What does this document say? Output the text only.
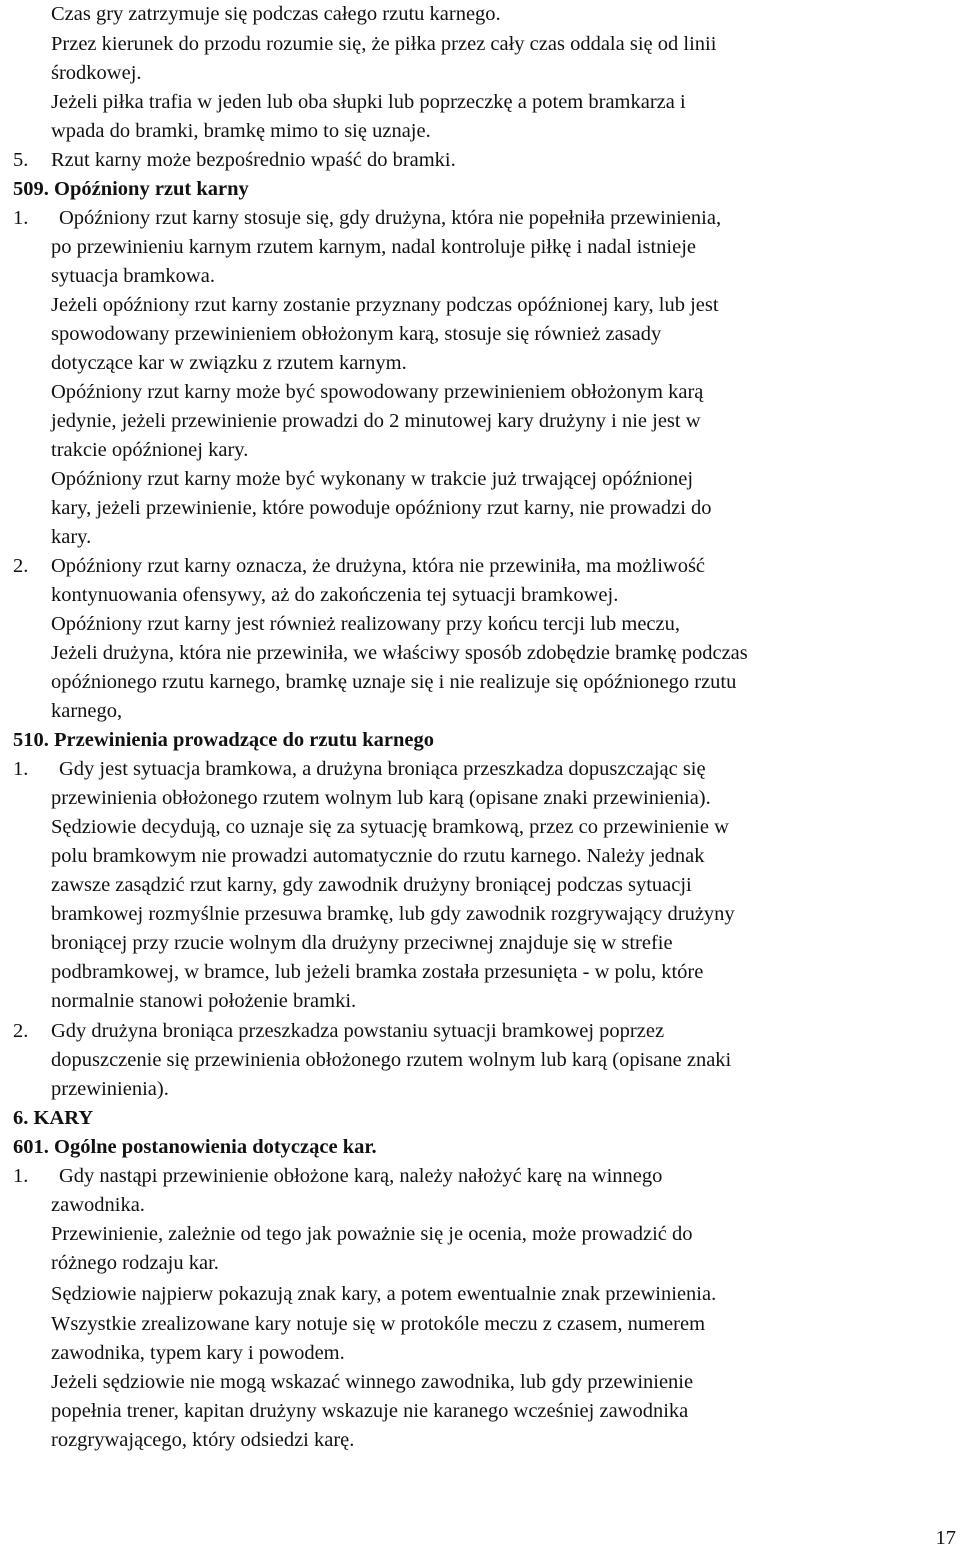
Czas gry zatrzymuje się podczas całego rzutu karnego.
Przez kierunek do przodu rozumie się, że piłka przez cały czas oddala się od linii
środkowej.
Jeżeli piłka trafia w jeden lub oba słupki lub poprzeczkę a potem bramkarza i
wpada do bramki, bramkę mimo to się uznaje.
5. Rzut karny może bezpośrednio wpaść do bramki.
509. Opóźniony rzut karny
1. Opóźniony rzut karny stosuje się, gdy drużyna, która nie popełniła przewinienia,
po przewinieniu karnym rzutem karnym, nadal kontroluje piłkę i nadal istnieje
sytuacja bramkowa.
Jeżeli opóźniony rzut karny zostanie przyznany podczas opóźnionej kary, lub jest
spowodowany przewinieniem obłożonym karą, stosuje się również zasady
dotyczące kar w związku z rzutem karnym.
Opóźniony rzut karny może być spowodowany przewinieniem obłożonym karą
jedynie, jeżeli przewinienie prowadzi do 2 minutowej kary drużyny i nie jest w
trakcie opóźnionej kary.
Opóźniony rzut karny może być wykonany w trakcie już trwającej opóźnionej
kary, jeżeli przewinienie, które powoduje opóźniony rzut karny, nie prowadzi do
kary.
2. Opóźniony rzut karny oznacza, że drużyna, która nie przewiniła, ma możliwość
kontynuowania ofensywy, aż do zakończenia tej sytuacji bramkowej.
Opóźniony rzut karny jest również realizowany przy końcu tercji lub meczu,
Jeżeli drużyna, która nie przewiniła, we właściwy sposób zdobędzie bramkę podczas
opóźnionego rzutu karnego, bramkę uznaje się i nie realizuje się opóźnionego rzutu
karnego,
510. Przewinienia prowadzące do rzutu karnego
1. Gdy jest sytuacja bramkowa, a drużyna broniąca przeszkadza dopuszczając się
przewinienia obłożonego rzutem wolnym lub karą (opisane znaki przewinienia).
Sędziowie decydują, co uznaje się za sytuację bramkową, przez co przewinienie w
polu bramkowym nie prowadzi automatycznie do rzutu karnego. Należy jednak
zawsze zasądzić rzut karny, gdy zawodnik drużyny broniącej podczas sytuacji
bramkowej rozmyślnie przesuwa bramkę, lub gdy zawodnik rozgrywający drużyny
broniącej przy rzucie wolnym dla drużyny przeciwnej znajduje się w strefie
podbramkowej, w bramce, lub jeżeli bramka została przesunięta - w polu, które
normalnie stanowi położenie bramki.
2. Gdy drużyna broniąca przeszkadza powstaniu sytuacji bramkowej poprzez
dopuszczenie się przewinienia obłożonego rzutem wolnym lub karą (opisane znaki
przewinienia).
6. KARY
601. Ogólne postanowienia dotyczące kar.
1. Gdy nastąpi przewinienie obłożone karą, należy nałożyć karę na winnego
zawodnika.
Przewinienie, zależnie od tego jak poważnie się je ocenia, może prowadzić do
różnego rodzaju kar.
Sędziowie najpierw pokazują znak kary, a potem ewentualnie znak przewinienia.
Wszystkie zrealizowane kary notuje się w protokóle meczu z czasem, numerem
zawodnika, typem kary i powodem.
Jeżeli sędziowie nie mogą wskazać winnego zawodnika, lub gdy przewinienie
popełnia trener, kapitan drużyny wskazuje nie karanego wcześniej zawodnika
rozgrywającego, który odsiedzi karę.
17
